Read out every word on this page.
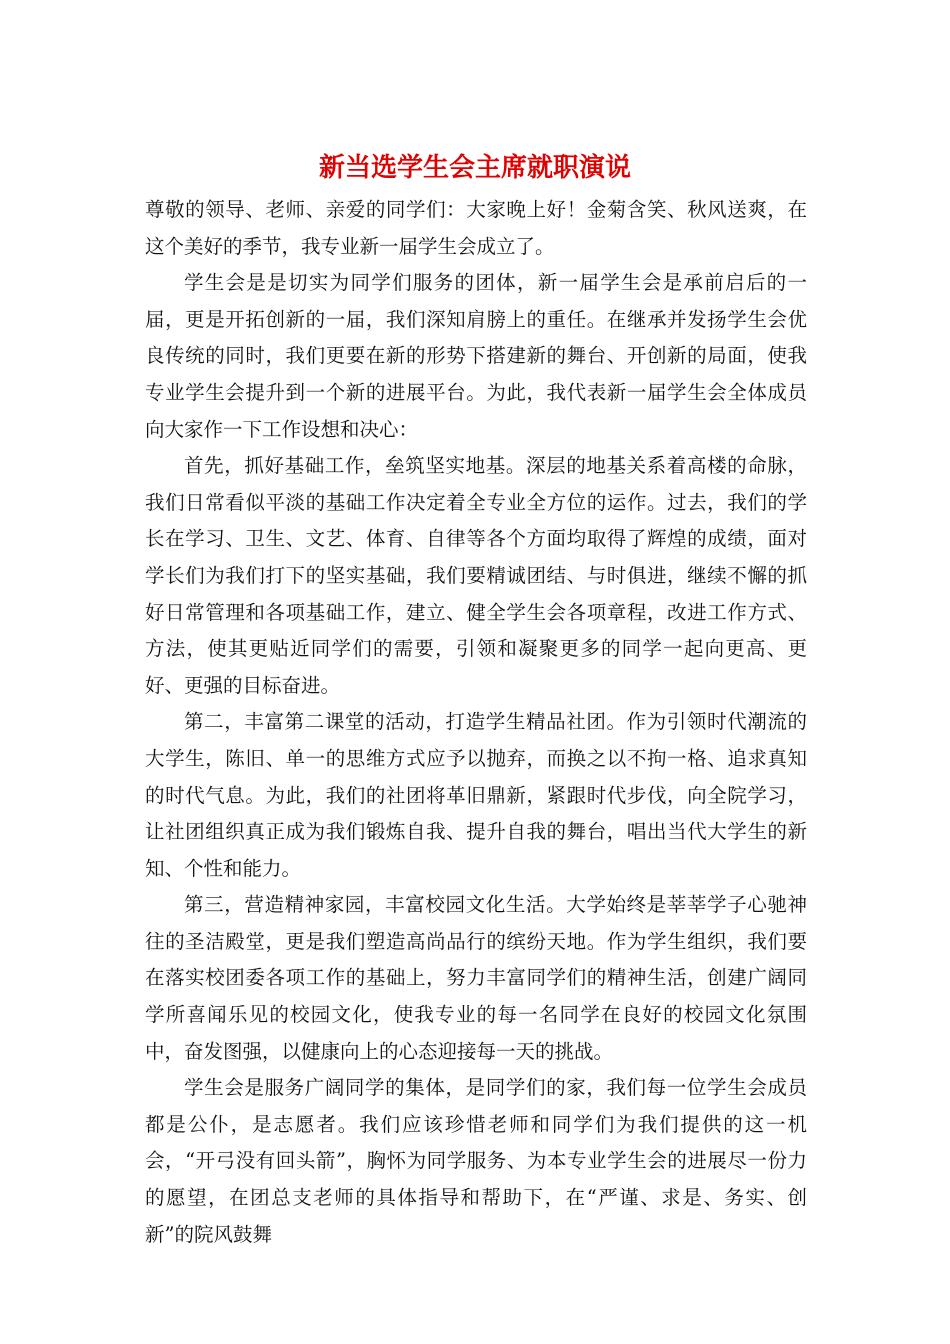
新当选学生会主席就职演说

尊敬的领导、老师、亲爱的同学们：大家晚上好！金菊含笑、秋风送爽，在这个美好的季节，我专业新一届学生会成立了。

学生会是是切实为同学们服务的团体，新一届学生会是承前启后的一届，更是开拓创新的一届，我们深知肩膀上的重任。在继承并发扬学生会优良传统的同时，我们更要在新的形势下搭建新的舞台、开创新的局面，使我专业学生会提升到一个新的进展平台。为此，我代表新一届学生会全体成员向大家作一下工作设想和决心：

首先，抓好基础工作，垒筑坚实地基。深层的地基关系着高楼的命脉，我们日常看似平淡的基础工作决定着全专业全方位的运作。过去，我们的学长在学习、卫生、文艺、体育、自律等各个方面均取得了辉煌的成绩，面对学长们为我们打下的坚实基础，我们要精诚团结、与时俱进，继续不懈的抓好日常管理和各项基础工作，建立、健全学生会各项章程，改进工作方式、方法，使其更贴近同学们的需要，引领和凝聚更多的同学一起向更高、更好、更强的目标奋进。

第二，丰富第二课堂的活动，打造学生精品社团。作为引领时代潮流的大学生，陈旧、单一的思维方式应予以抛弃，而换之以不拘一格、追求真知的时代气息。为此，我们的社团将革旧鼎新，紧跟时代步伐，向全院学习，让社团组织真正成为我们锻炼自我、提升自我的舞台，唱出当代大学生的新知、个性和能力。

第三，营造精神家园，丰富校园文化生活。大学始终是莘莘学子心驰神往的圣洁殿堂，更是我们塑造高尚品行的缤纷天地。作为学生组织，我们要在落实校团委各项工作的基础上，努力丰富同学们的精神生活，创建广阔同学所喜闻乐见的校园文化，使我专业的每一名同学在良好的校园文化氛围中，奋发图强，以健康向上的心态迎接每一天的挑战。

学生会是服务广阔同学的集体，是同学们的家，我们每一位学生会成员都是公仆，是志愿者。我们应该珍惜老师和同学们为我们提供的这一机会，“开弓没有回头箭”，胸怀为同学服务、为本专业学生会的进展尽一份力的愿望，在团总支老师的具体指导和帮助下，在“严谨、求是、务实、创新”的院风鼓舞
